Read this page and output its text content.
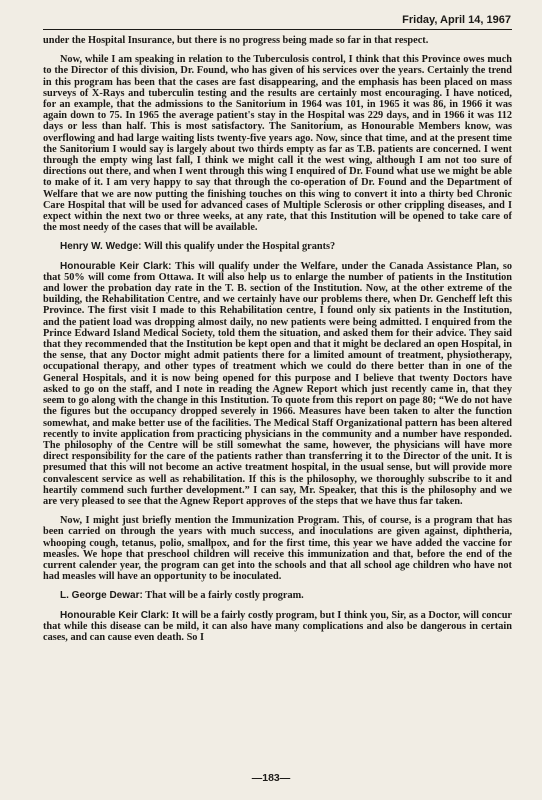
Friday, April 14, 1967

under the Hospital Insurance, but there is no progress being made so far in that respect.

Now, while I am speaking in relation to the Tuberculosis control, I think that this Province owes much to the Director of this division, Dr. Found, who has given of his services over the years. Certainly the trend in this program has been that the cases are fast disappearing, and the emphasis has been placed on mass surveys of X-Rays and tuberculin testing and the results are certainly most encouraging. I have noticed, for an example, that the admissions to the Sanitorium in 1964 was 101, in 1965 it was 86, in 1966 it was again down to 75. In 1965 the average patient's stay in the Hospital was 229 days, and in 1966 it was 112 days or less than half. This is most satisfactory. The Sanitorium, as Honourable Members know, was overflowing and had large waiting lists twenty-five years ago. Now, since that time, and at the present time the Sanitorium I would say is largely about two thirds empty as far as T.B. patients are concerned. I went through the empty wing last fall, I think we might call it the west wing, although I am not too sure of directions out there, and when I went through this wing I enquired of Dr. Found what use we might be able to make of it. I am very happy to say that through the co-operation of Dr. Found and the Department of Welfare that we are now putting the finishing touches on this wing to convert it into a thirty bed Chronic Care Hospital that will be used for advanced cases of Multiple Sclerosis or other crippling diseases, and I expect within the next two or three weeks, at any rate, that this Institution will be opened to take care of the most needy of the cases that will be available.

Henry W. Wedge: Will this qualify under the Hospital grants?

Honourable Keir Clark: This will qualify under the Welfare, under the Canada Assistance Plan, so that 50% will come from Ottawa. It will also help us to enlarge the number of patients in the Institution and lower the probation day rate in the T. B. section of the Institution. Now, at the other extreme of the building, the Rehabilitation Centre, and we certainly have our problems there, when Dr. Gencheff left this Province. The first visit I made to this Rehabilitation centre, I found only six patients in the Institution, and the patient load was dropping almost daily, no new patients were being admitted. I enquired from the Prince Edward Island Medical Society, told them the situation, and asked them for their advice. They said that they recommended that the Institution be kept open and that it might be declared an open Hospital, in the sense, that any Doctor might admit patients there for a limited amount of treatment, physiotherapy, occupational therapy, and other types of treatment which we could do there better than in one of the General Hospitals, and it is now being opened for this purpose and I believe that twenty Doctors have asked to go on the staff, and I note in reading the Agnew Report which just recently came in, that they seem to go along with the change in this Institution. To quote from this report on page 80; “We do not have the figures but the occupancy dropped severely in 1966. Measures have been taken to alter the function somewhat, and make better use of the facilities. The Medical Staff Organizational pattern has been altered recently to invite application from practicing physicians in the community and a number have responded. The philosophy of the Centre will be still somewhat the same, however, the physicians will have more direct responsibility for the care of the patients rather than transferring it to the Director of the unit. It is presumed that this will not become an active treatment hospital, in the usual sense, but will provide more convalescent service as well as rehabilitation. If this is the philosophy, we thoroughly subscribe to it and heartily commend such further development.” I can say, Mr. Speaker, that this is the philosophy and we are very pleased to see that the Agnew Report approves of the steps that we have thus far taken.

Now, I might just briefly mention the Immunization Program. This, of course, is a program that has been carried on through the years with much success, and inoculations are given against, diphtheria, whooping cough, tetanus, polio, smallpox, and for the first time, this year we have added the vaccine for measles. We hope that preschool children will receive this immunization and that, before the end of the current calender year, the program can get into the schools and that all school age children who have not had measles will have an opportunity to be inoculated.

L. George Dewar: That will be a fairly costly program.

Honourable Keir Clark: It will be a fairly costly program, but I think you, Sir, as a Doctor, will concur that while this disease can be mild, it can also have many complications and also be dangerous in certain cases, and can cause even death. So I

—183—
